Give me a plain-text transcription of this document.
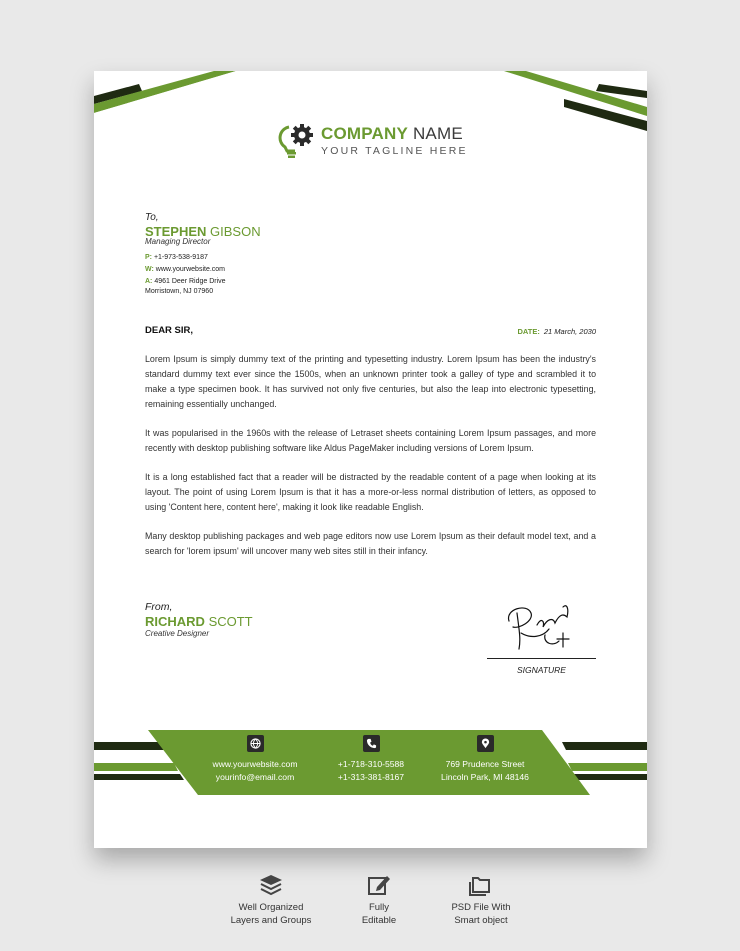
COMPANY NAME
YOUR TAGLINE HERE
To,
STEPHEN GIBSON
Managing Director
P: +1-973-538-9187
W: www.yourwebsite.com
A: 4961 Deer Ridge Drive
Morristown, NJ 07960
DEAR SIR,	DATE: 21 March, 2030

Lorem Ipsum is simply dummy text of the printing and typesetting industry. Lorem Ipsum has been the industry's standard dummy text ever since the 1500s, when an unknown printer took a galley of type and scrambled it to make a type specimen book. It has survived not only five centuries, but also the leap into electronic typesetting, remaining essentially unchanged.

It was popularised in the 1960s with the release of Letraset sheets containing Lorem Ipsum passages, and more recently with desktop publishing software like Aldus PageMaker including versions of Lorem Ipsum.

It is a long established fact that a reader will be distracted by the readable content of a page when looking at its layout. The point of using Lorem Ipsum is that it has a more-or-less normal distribution of letters, as opposed to using 'Content here, content here', making it look like readable English.

Many desktop publishing packages and web page editors now use Lorem Ipsum as their default model text, and a search for 'lorem ipsum' will uncover many web sites still in their infancy.

From,
RICHARD SCOTT
Creative Designer
SIGNATURE
www.yourwebsite.com
yourinfo@email.com
+1-718-310-5588
+1-313-381-8167
769 Prudence Street
Lincoln Park, MI 48146
Well Organized
Layers and Groups
Fully
Editable
PSD File With
Smart object
